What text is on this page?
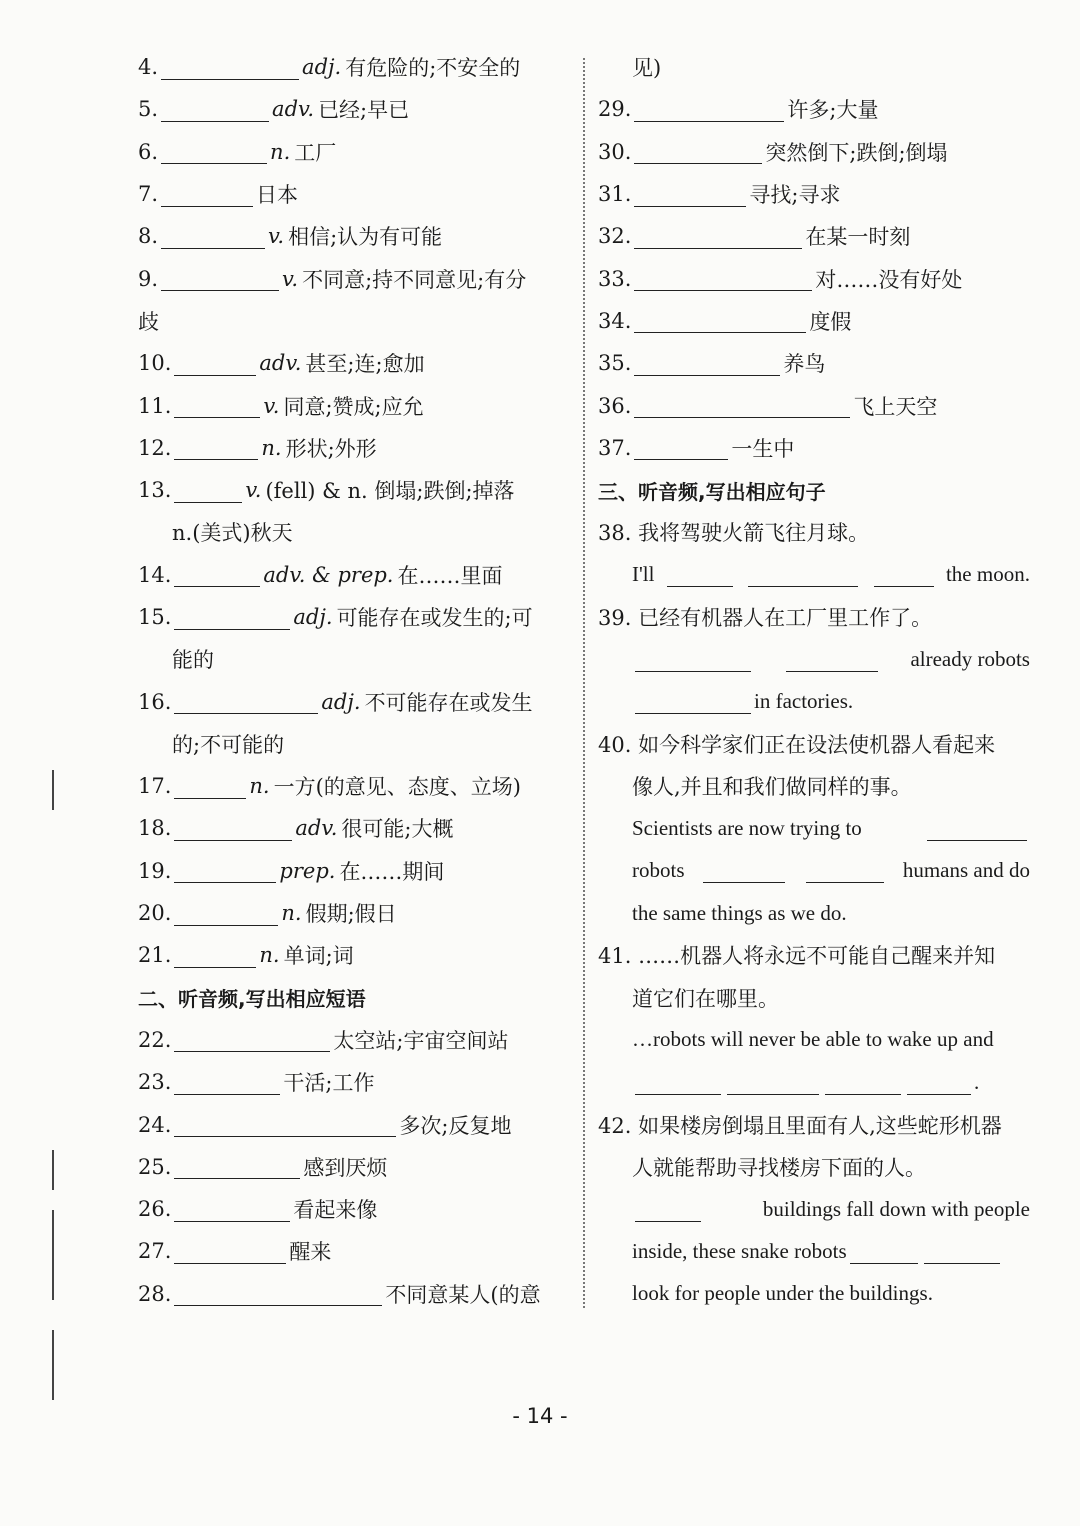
4.	adj. 有危险的;不安全的
5.	adv. 已经;早已
6.	n. 工厂
7.	日本
8.	v. 相信;认为有可能
9.	v. 不同意;持不同意见;有分
歧
10.	adv. 甚至;连;愈加
11.	v. 同意;赞成;应允
12.	n. 形状;外形
13.	v. (fell) & n. 倒塌;跌倒;掉落
n.(美式)秋天
14.	adv. & prep. 在……里面
15.	adj. 可能存在或发生的;可
能的
16.	adj. 不可能存在或发生
的;不可能的
17.	n. 一方(的意见、态度、立场)
18.	adv. 很可能;大概
19.	prep. 在……期间
20.	n. 假期;假日
21.	n. 单词;词
二、听音频,写出相应短语
22.	太空站;宇宙空间站
23.	干活;工作
24.	多次;反复地
25.	感到厌烦
26.	看起来像
27.	醒来
28.	不同意某人(的意
见)
29.	许多;大量
30.	突然倒下;跌倒;倒塌
31.	寻找;寻求
32.	在某一时刻
33.	对……没有好处
34.	度假
35.	养鸟
36.	飞上天空
37.	一生中
三、听音频,写出相应句子
38. 我将驾驶火箭飞往月球。
I'll	the moon.
39. 已经有机器人在工厂里工作了。
already robots
in factories.
40. 如今科学家们正在设法使机器人看起来
像人,并且和我们做同样的事。
Scientists are now trying to
robots	humans and do
the same things as we do.
41. ……机器人将永远不可能自己醒来并知
道它们在哪里。
…robots will never be able to wake up and
.
42. 如果楼房倒塌且里面有人,这些蛇形机器
人就能帮助寻找楼房下面的人。
buildings fall down with people
inside, these snake robots
look for people under the buildings.
- 14 -
